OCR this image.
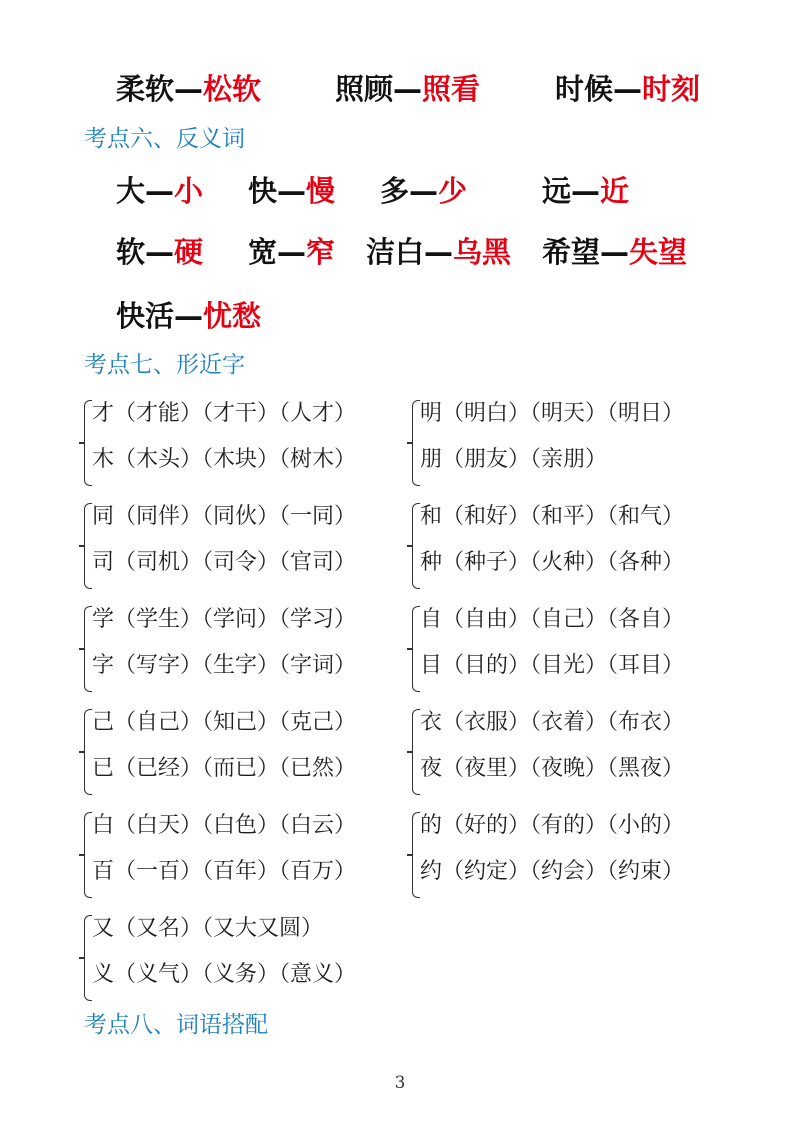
柔软—松软	照顾—照看	时候—时刻
考点六、反义词
大—小 快—慢 多—少	远—近
软—硬 宽—窄 洁白—乌黑 希望—失望
快活—忧愁
考点七、形近字
才（才能）（才干）（人才）
木（木头）（木块）（树木）
明（明白）（明天）（明日）
朋（朋友）（亲朋）
同（同伴）（同伙）（一同）
司（司机）（司令）（官司）
和（和好）（和平）（和气）
种（种子）（火种）（各种）
学（学生）（学问）（学习）
字（写字）（生字）（字词）
自（自由）（自己）（各自）
目（目的）（目光）（耳目）
己（自己）（知己）（克己）
已（已经）（而已）（已然）
衣（衣服）（衣着）（布衣）
夜（夜里）（夜晚）（黑夜）
白（白天）（白色）（白云）
百（一百）（百年）（百万）
的（好的）（有的）（小的）
约（约定）（约会）（约束）
又（又名）（又大又圆）
义（义气）（义务）（意义）
考点八、词语搭配
3
